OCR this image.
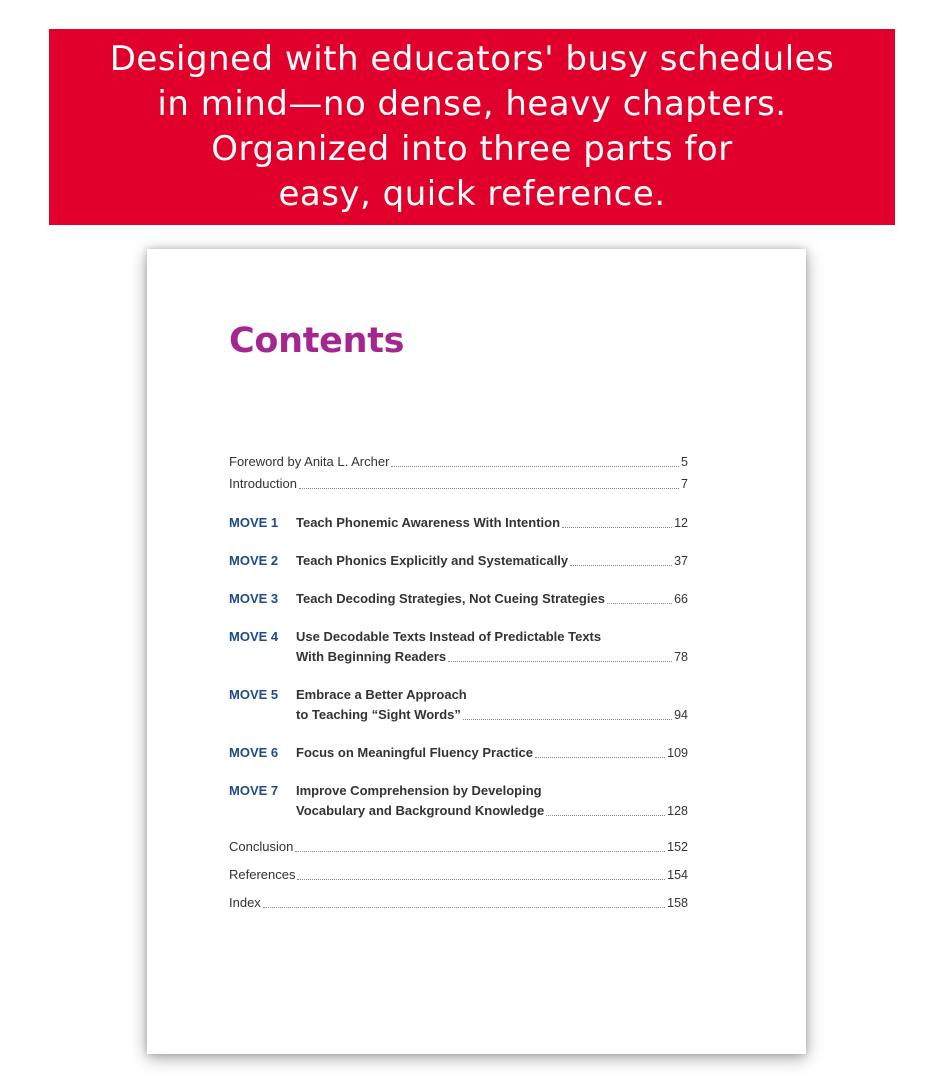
Designed with educators' busy schedules
in mind—no dense, heavy chapters.
Organized into three parts for
easy, quick reference.
Contents
Foreword by Anita L. Archer	5
Introduction	7
MOVE 1	Teach Phonemic Awareness With Intention	12
MOVE 2	Teach Phonics Explicitly and Systematically	37
MOVE 3	Teach Decoding Strategies, Not Cueing Strategies	66
MOVE 4	Use Decodable Texts Instead of Predictable Texts
With Beginning Readers	78
MOVE 5	Embrace a Better Approach
to Teaching “Sight Words”	94
MOVE 6	Focus on Meaningful Fluency Practice	109
MOVE 7	Improve Comprehension by Developing
Vocabulary and Background Knowledge	128
Conclusion	152
References	154
Index	158
